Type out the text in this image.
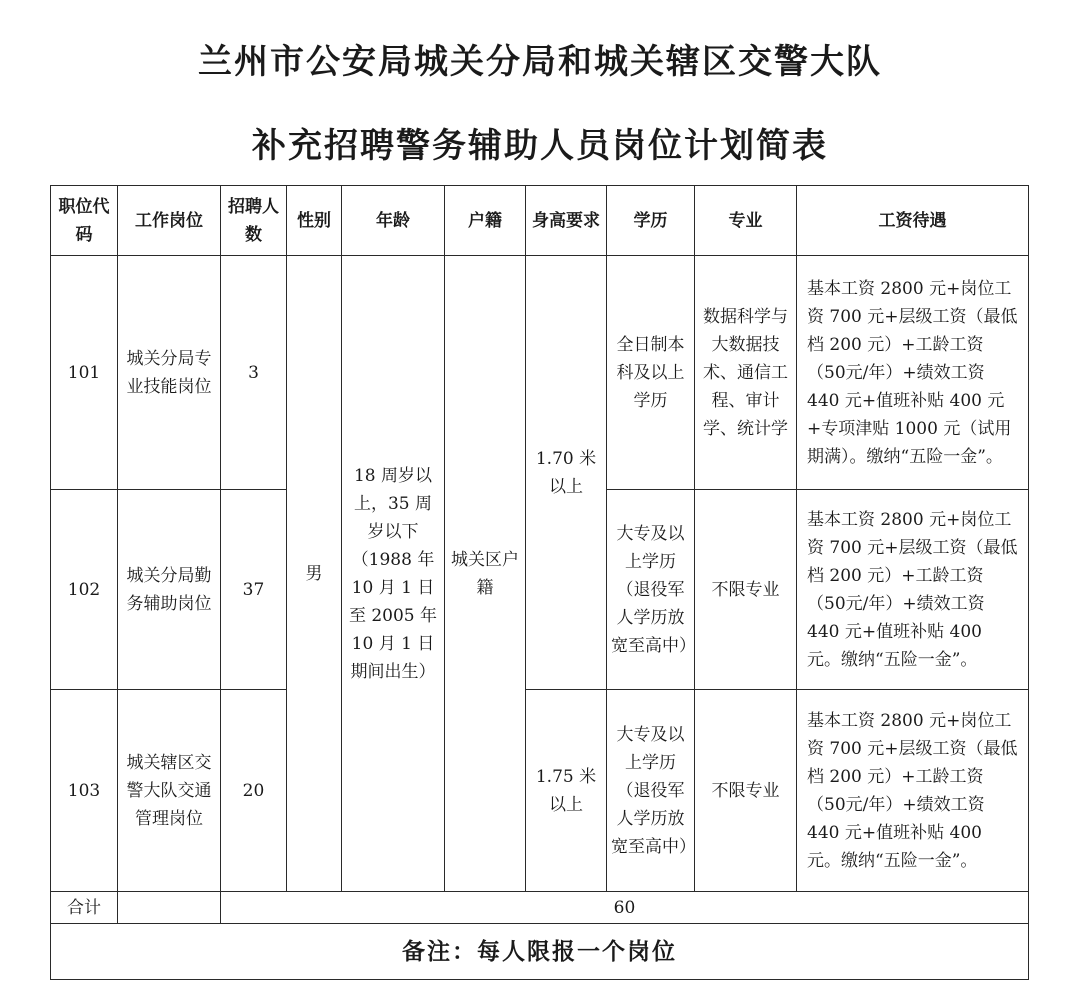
兰州市公安局城关分局和城关辖区交警大队
补充招聘警务辅助人员岗位计划简表
职位代码	工作岗位	招聘人数	性别	年龄	户籍	身高要求	学历	专业	工资待遇
101	城关分局专业技能岗位	3	男	18 周岁以上，35 周岁以下（1988 年 10 月 1 日至 2005 年 10 月 1 日期间出生）	城关区户籍	1.70 米以上	全日制本科及以上学历	数据科学与大数据技术、通信工程、审计学、统计学	基本工资 2800 元+岗位工资 700 元+层级工资（最低档 200 元）+工龄工资（50元/年）+绩效工资 440 元+值班补贴 400 元+专项津贴 1000 元（试用期满）。缴纳“五险一金”。
102	城关分局勤务辅助岗位	37					大专及以上学历（退役军人学历放宽至高中）	不限专业	基本工资 2800 元+岗位工资 700 元+层级工资（最低档 200 元）+工龄工资（50元/年）+绩效工资 440 元+值班补贴 400 元。缴纳“五险一金”。
103	城关辖区交警大队交通管理岗位	20				1.75 米以上	大专及以上学历（退役军人学历放宽至高中）	不限专业	基本工资 2800 元+岗位工资 700 元+层级工资（最低档 200 元）+工龄工资（50元/年）+绩效工资 440 元+值班补贴 400 元。缴纳“五险一金”。
合计		60							
备注：每人限报一个岗位									
